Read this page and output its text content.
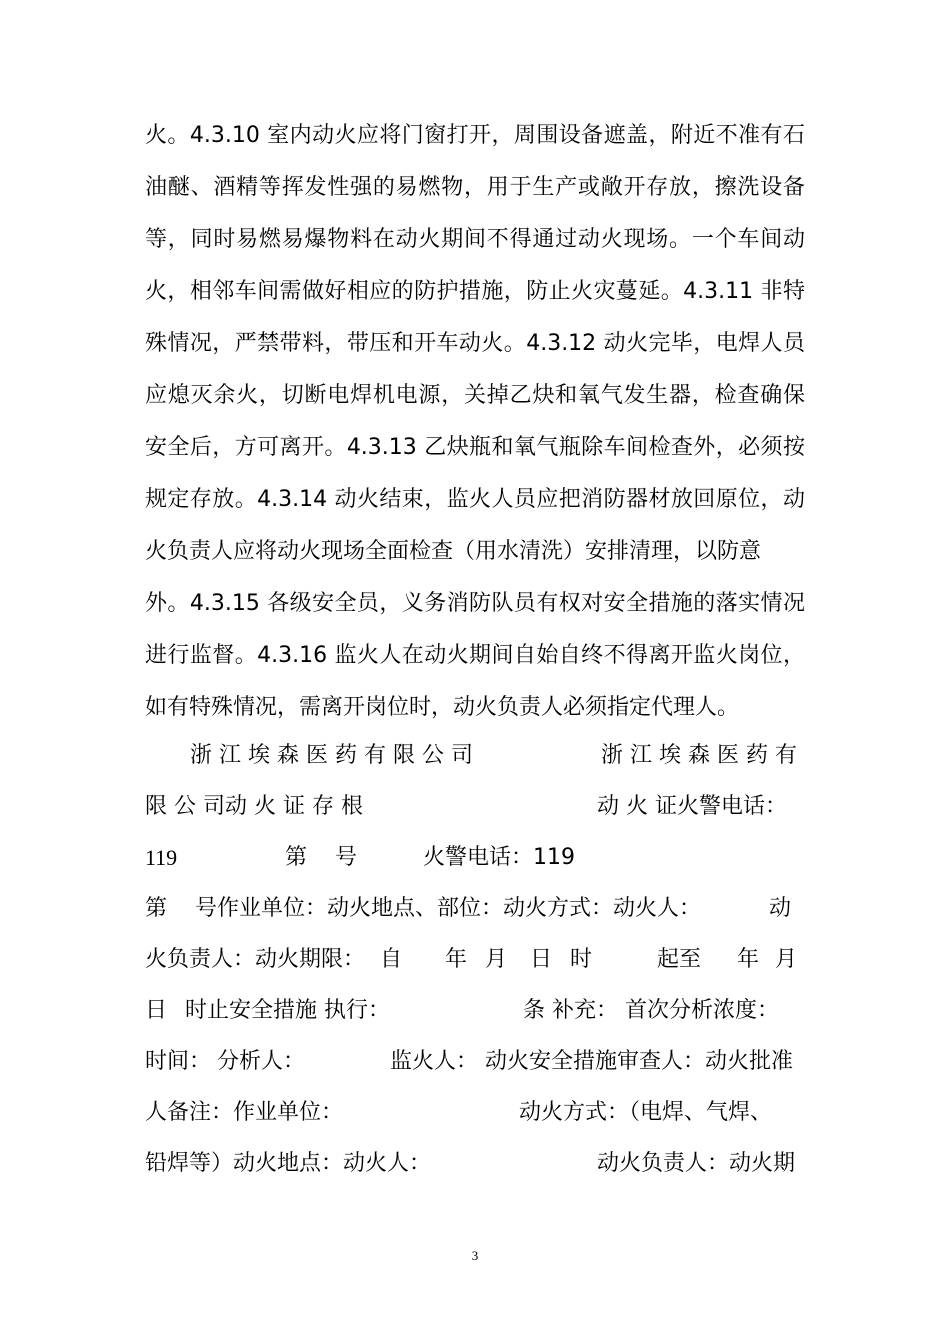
火。4.3.10 室内动火应将门窗打开，周围设备遮盖，附近不准有石
油醚、酒精等挥发性强的易燃物，用于生产或敞开存放，擦洗设备
等，同时易燃易爆物料在动火期间不得通过动火现场。一个车间动
火，相邻车间需做好相应的防护措施，防止火灾蔓延。4.3.11 非特
殊情况，严禁带料，带压和开车动火。4.3.12 动火完毕，电焊人员
应熄灭余火，切断电焊机电源，关掉乙炔和氧气发生器，检查确保
安全后，方可离开。4.3.13 乙炔瓶和氧气瓶除车间检查外，必须按
规定存放。4.3.14 动火结束，监火人员应把消防器材放回原位，动
火负责人应将动火现场全面检查（用水清洗）安排清理，以防意
外。4.3.15 各级安全员，义务消防队员有权对安全措施的落实情况
进行监督。4.3.16 监火人在动火期间自始自终不得离开监火岗位，
如有特殊情况，需离开岗位时，动火负责人必须指定代理人。
浙 江 埃 森 医 药 有 限 公 司	浙 江 埃 森 医 药 有
限 公 司动 火 证 存 根	动 火 证火警电话：
119	第 号	火警电话：119
第 号作业单位：动火地点、部位：动火方式：动火人：	动
火负责人：动火期限： 自 年 月 日 时	起至 年 月
日 时止安全措施 执行：	条 补充： 首次分析浓度：
时间： 分析人：	监火人： 动火安全措施审查人：动火批准
人备注：作业单位：	动火方式：（电焊、气焊、
铅焊等）动火地点：动火人：	动火负责人：动火期
3
